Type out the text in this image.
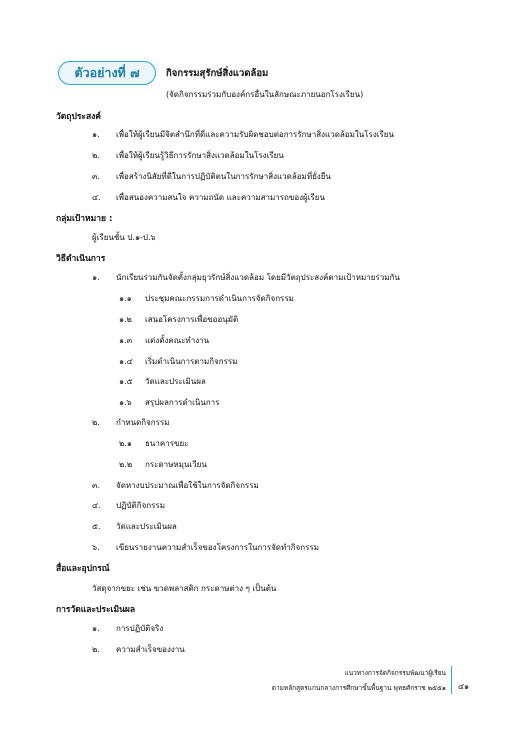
ตัวอย่างที่ ๗	กิจกรรมสุรักษ์สิ่งแวดล้อม
(จัดกิจกรรมร่วมกับองค์กรอื่นในลักษณะภายนอกโรงเรียน)
วัตถุประสงค์
๑. เพื่อให้ผู้เรียนมีจิตสำนึกที่ดีและความรับผิดชอบต่อการรักษาสิ่งแวดล้อมในโรงเรียน
๒. เพื่อให้ผู้เรียนรู้วิธีการรักษาสิ่งแวดล้อมในโรงเรียน
๓. เพื่อสร้างนิสัยที่ดีในการปฏิบัติตนในการรักษาสิ่งแวดล้อมที่ยั่งยืน
๔. เพื่อสนองความสนใจ ความถนัด และความสามารถของผู้เรียน
กลุ่มเป้าหมาย :
ผู้เรียนชั้น ป.๑-ป.๖
วิธีดำเนินการ
๑. นักเรียนร่วมกันจัดตั้งกลุ่มยุวรักษ์สิ่งแวดล้อม โดยมีวัตถุประสงค์ตามเป้าหมายร่วมกัน
๑.๑ ประชุมคณะกรรมการดำเนินการจัดกิจกรรม
๑.๒ เสนอโครงการเพื่อขออนุมัติ
๑.๓ แต่งตั้งคณะทำงาน
๑.๔ เริ่มดำเนินการตามกิจกรรม
๑.๕ วัดและประเมินผล
๑.๖ สรุปผลการดำเนินการ
๒. กำหนดกิจกรรม
๒.๑ ธนาคารขยะ
๒.๒ กระดาษหมุนเวียน
๓. จัดหางบประมาณเพื่อใช้ในการจัดกิจกรรม
๔. ปฏิบัติกิจกรรม
๕. วัดและประเมินผล
๖. เขียนรายงานความสำเร็จของโครงการในการจัดทำกิจกรรม
สื่อและอุปกรณ์
วัสดุจากขยะ เช่น ขวดพลาสติก กระดาษต่าง ๆ เป็นต้น
การวัดและประเมินผล
๑. การปฏิบัติจริง
๒. ความสำเร็จของงาน
แนวทางการจัดกิจกรรมพัฒนาผู้เรียน
ตามหลักสูตรแกนกลางการศึกษาขั้นพื้นฐาน พุทธศักราช ๒๕๕๑ ๔๑
